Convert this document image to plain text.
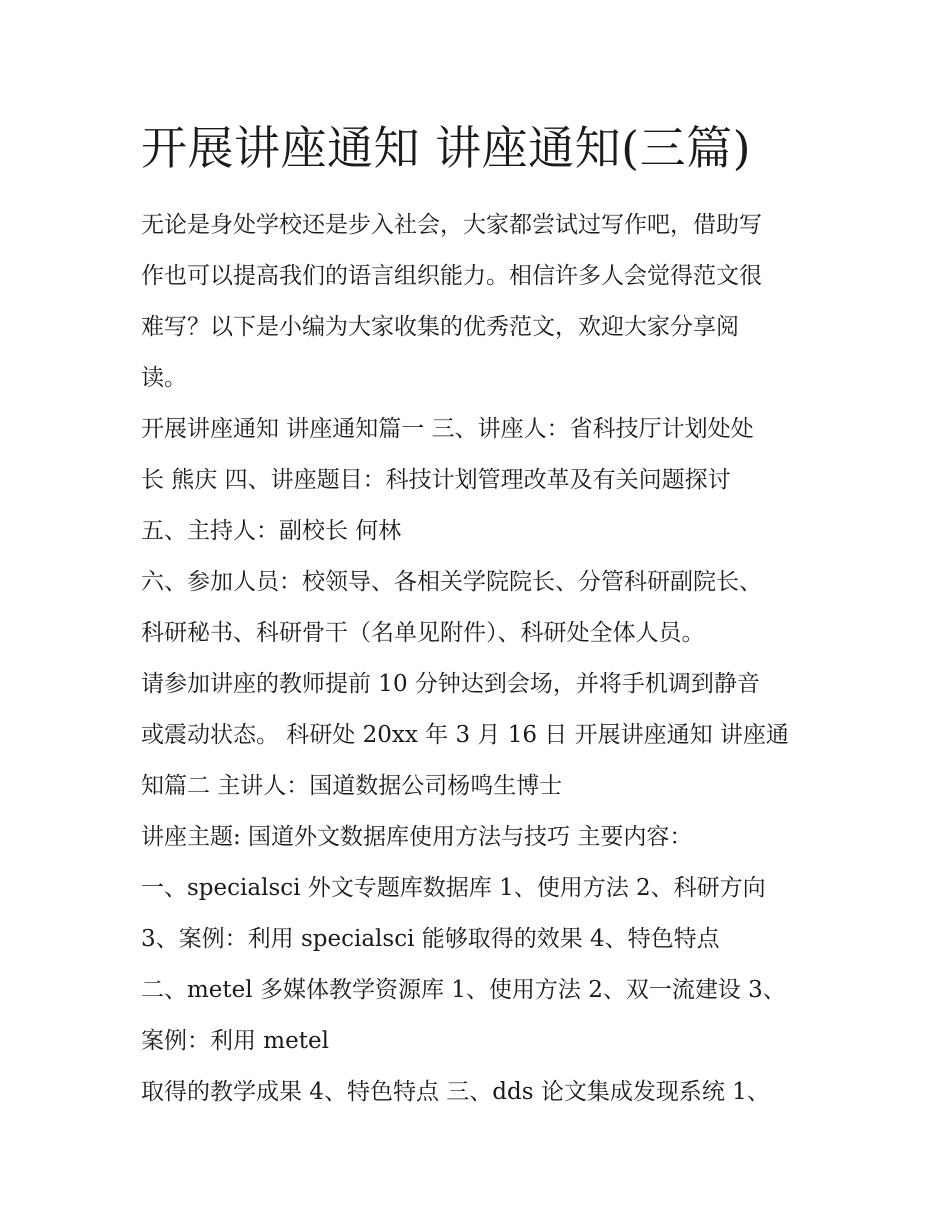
开展讲座通知 讲座通知(三篇)

无论是身处学校还是步入社会，大家都尝试过写作吧，借助写

作也可以提高我们的语言组织能力。相信许多人会觉得范文很

难写？以下是小编为大家收集的优秀范文，欢迎大家分享阅

读。

开展讲座通知 讲座通知篇一 三、讲座人：省科技厅计划处处

长 熊庆 四、讲座题目：科技计划管理改革及有关问题探讨

五、主持人：副校长 何林

六、参加人员：校领导、各相关学院院长、分管科研副院长、

科研秘书、科研骨干（名单见附件）、科研处全体人员。

请参加讲座的教师提前 10 分钟达到会场，并将手机调到静音

或震动状态。 科研处 20xx 年 3 月 16 日 开展讲座通知 讲座通

知篇二 主讲人：国道数据公司杨鸣生博士

讲座主题: 国道外文数据库使用方法与技巧 主要内容：

一、specialsci 外文专题库数据库 1、使用方法 2、科研方向

3、案例：利用 specialsci 能够取得的效果 4、特色特点

二、metel 多媒体教学资源库 1、使用方法 2、双一流建设 3、

案例：利用 metel

取得的教学成果 4、特色特点 三、dds 论文集成发现系统 1、
